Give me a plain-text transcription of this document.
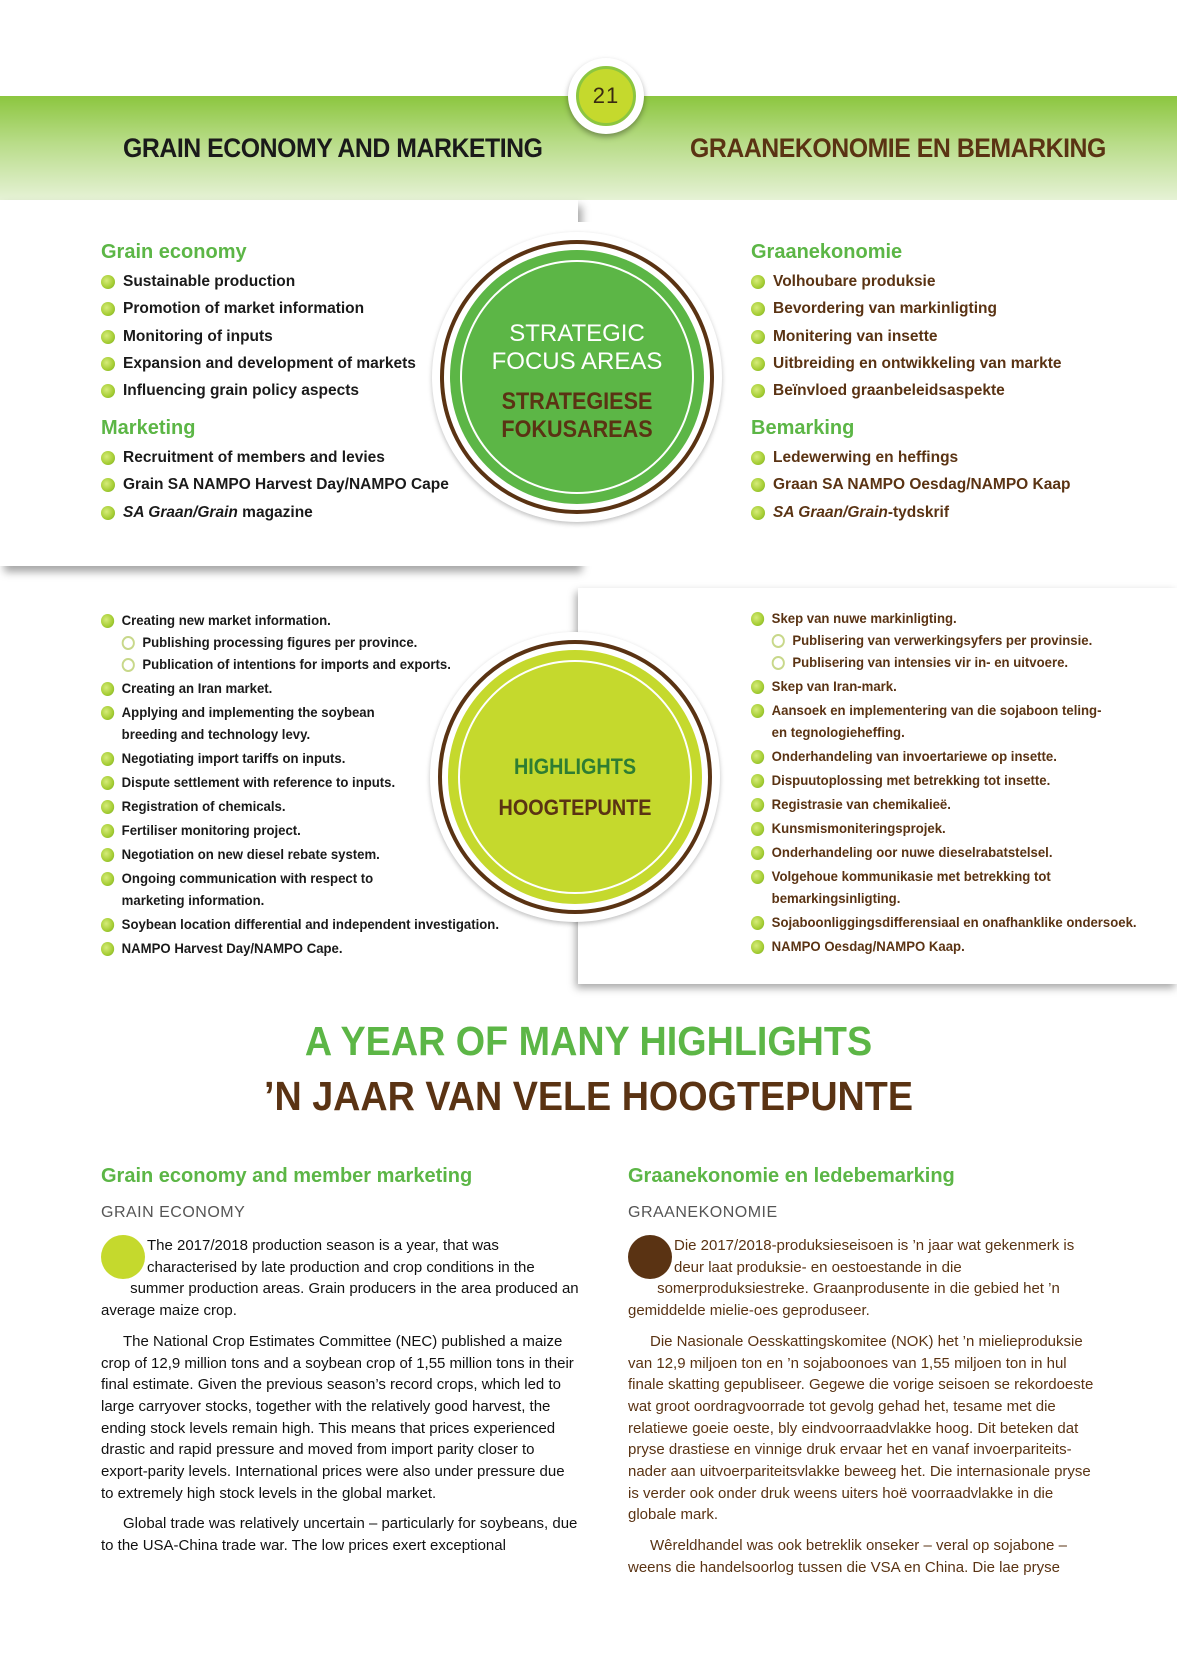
21
GRAIN ECONOMY AND MARKETING	GRAANEKONOMIE EN BEMARKING
Grain economy
Sustainable production
Promotion of market information
Monitoring of inputs
Expansion and development of markets
Influencing grain policy aspects
Marketing
Recruitment of members and levies
Grain SA NAMPO Harvest Day/NAMPO Cape
SA Graan/Grain magazine
Graanekonomie
Volhoubare produksie
Bevordering van markinligting
Monitering van insette
Uitbreiding en ontwikkeling van markte
Beïnvloed graanbeleidsaspekte
Bemarking
Ledewerwing en heffings
Graan SA NAMPO Oesdag/NAMPO Kaap
SA Graan/Grain-tydskrif
STRATEGIC
FOCUS AREAS
STRATEGIESE
FOKUSAREAS
Creating new market information.
Publishing processing figures per province.
Publication of intentions for imports and exports.
Creating an Iran market.
Applying and implementing the soybean
breeding and technology levy.
Negotiating import tariffs on inputs.
Dispute settlement with reference to inputs.
Registration of chemicals.
Fertiliser monitoring project.
Negotiation on new diesel rebate system.
Ongoing communication with respect to
marketing information.
Soybean location differential and independent investigation.
NAMPO Harvest Day/NAMPO Cape.
Skep van nuwe markinligting.
Publisering van verwerkingsyfers per provinsie.
Publisering van intensies vir in- en uitvoere.
Skep van Iran-mark.
Aansoek en implementering van die sojaboon teling-
en tegnologieheffing.
Onderhandeling van invoertariewe op insette.
Dispuutoplossing met betrekking tot insette.
Registrasie van chemikalieë.
Kunsmismoniteringsprojek.
Onderhandeling oor nuwe dieselrabatstelsel.
Volgehoue kommunikasie met betrekking tot
bemarkingsinligting.
Sojaboonliggingsdifferensiaal en onafhanklike ondersoek.
NAMPO Oesdag/NAMPO Kaap.
HIGHLIGHTS
HOOGTEPUNTE
A YEAR OF MANY HIGHLIGHTS
’N JAAR VAN VELE HOOGTEPUNTE
Grain economy and member marketing
GRAIN ECONOMY

The 2017/2018 production season is a year, that was characterised by late production and crop conditions in the summer production areas. Grain producers in the area produced an average maize crop.

The National Crop Estimates Committee (NEC) published a maize crop of 12,9 million tons and a soybean crop of 1,55 million tons in their final estimate. Given the previous season’s record crops, which led to large carryover stocks, together with the relatively good harvest, the ending stock levels remain high. This means that prices experienced drastic and rapid pressure and moved from import parity closer to export-parity levels. International prices were also under pressure due to extremely high stock levels in the global market.

Global trade was relatively uncertain – particularly for soybeans, due to the USA-China trade war. The low prices exert exceptional

Graanekonomie en ledebemarking
GRAANEKONOMIE

Die 2017/2018-produksieseisoen is ’n jaar wat gekenmerk is deur laat produksie- en oestoestande in die somerproduksiestreke. Graanprodusente in die gebied het ’n gemiddelde mielie-oes geproduseer.

Die Nasionale Oesskattingskomitee (NOK) het ’n mielieproduksie van 12,9 miljoen ton en ’n sojaboonoes van 1,55 miljoen ton in hul finale skatting gepubliseer. Gegewe die vorige seisoen se rekordoeste wat groot oordragvoorrade tot gevolg gehad het, tesame met die relatiewe goeie oeste, bly eindvoorraadvlakke hoog. Dit beteken dat pryse drastiese en vinnige druk ervaar het en vanaf invoerpariteits- nader aan uitvoerpariteitsvlakke beweeg het. Die internasionale pryse is verder ook onder druk weens uiters hoë voorraadvlakke in die globale mark.

Wêreldhandel was ook betreklik onseker – veral op sojabone – weens die handelsoorlog tussen die VSA en China. Die lae pryse
